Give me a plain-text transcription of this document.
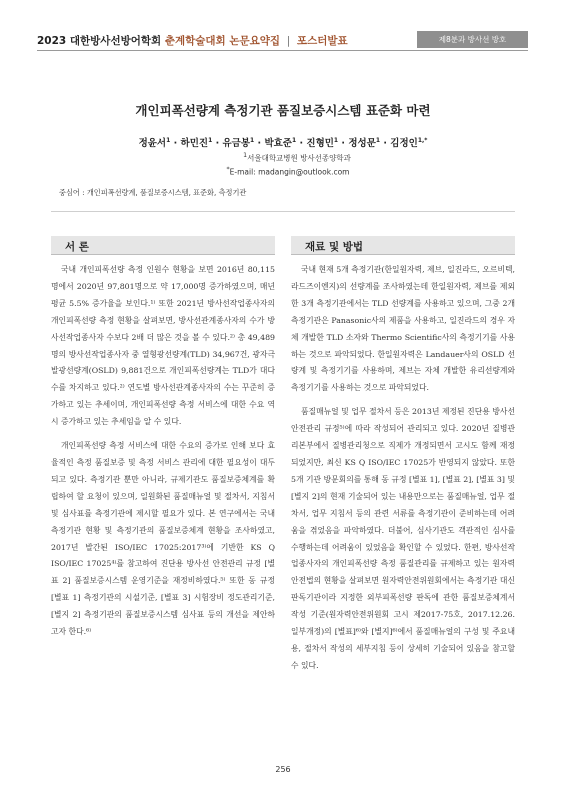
2023 대한방사선방어학회 춘계학술대회 논문요약집 | 포스터발표	제8분과 방사선 방호
개인피폭선량계 측정기관 품질보증시스템 표준화 마련
정윤서$^1$ · 하민진$^1$ · 유금봉$^1$ · 박효준$^1$ · 진형민$^1$ · 정성문$^1$ · 김정인$^{1,*}$
$^1$서울대학교병원 방사선종양학과
*E-mail: madangin@outlook.com
중심어 : 개인피폭선량계, 품질보증시스템, 표준화, 측정기관
서 론	재료 및 방법

국내 개인피폭선량 측정 인원수 현황을 보면 2016년 80,115명에서 2020년 97,801명으로 약 17,000명 증가하였으며, 매년 평균 5.5% 증가율을 보인다.¹⁾ 또한 2021년 방사선작업종사자의 개인피폭선량 측정 현황을 살펴보면, 방사선관계종사자의 수가 방사선작업종사자 수보다 2배 더 많은 것을 볼 수 있다.²⁾ 총 49,489명의 방사선작업종사자 중 열형광선량계(TLD) 34,967건, 광자극발광선량계(OSLD) 9,881건으로 개인피폭선량계는 TLD가 대다수를 차지하고 있다.²⁾ 연도별 방사선관계종사자의 수는 꾸준히 증가하고 있는 추세이며, 개인피폭선량 측정 서비스에 대한 수요 역시 증가하고 있는 추세임을 알 수 있다.

개인피폭선량 측정 서비스에 대한 수요의 증가로 인해 보다 효율적인 측정 품질보증 및 측정 서비스 관리에 대한 필요성이 대두되고 있다. 측정기관 뿐만 아니라, 규제기관도 품질보증체계를 확립하여 할 요청이 있으며, 일원화된 품질매뉴얼 및 절차서, 지침서 및 심사표를 측정기관에 제시할 필요가 있다. 본 연구에서는 국내 측정기관 현황 및 측정기관의 품질보증체계 현황을 조사하였고, 2017년 발간된 ISO/IEC 17025:2017³⁾에 기반한 KS Q ISO/IEC 17025⁴⁾를 참고하여 진단용 방사선 안전관리 규정 [별표 2] 품질보증시스템 운영기준을 재정비하였다.⁵⁾ 또한 동 규정 [별표 1] 측정기관의 시설기준, [별표 3] 시험장비 정도관리기준, [별지 2] 측정기관의 품질보증시스템 심사표 등의 개선을 제안하고자 한다.⁶⁾

국내 현재 5개 측정기관(한일원자력, 제브, 일진라드, 오르비텍, 라드즈이엔지)의 선량계를 조사하였는데 한일원자력, 제브를 제외한 3개 측정기관에서는 TLD 선량계를 사용하고 있으며, 그중 2개 측정기관은 Panasonic사의 제품을 사용하고, 일진라드의 경우 자체 개발한 TLD 소자와 Thermo Scientific사의 측정기기를 사용하는 것으로 파악되었다. 한일원자력은 Landauer사의 OSLD 선량계 및 측정기기를 사용하며, 제브는 자체 개발한 유리선량계와 측정기기를 사용하는 것으로 파악되었다.

품질매뉴얼 및 업무 절차서 등은 2013년 제정된 진단용 방사선 안전관리 규정⁵⁾에 따라 작성되어 관리되고 있다. 2020년 질병관리본부에서 질병관리청으로 직제가 개정되면서 고시도 함께 재정되었지만, 최신 KS Q ISO/IEC 17025가 반영되지 않았다. 또한 5개 기관 방문회의를 통해 동 규정 [별표 1], [별표 2], [별표 3] 및 [별지 2]의 현재 기술되어 있는 내용만으로는 품질매뉴얼, 업무 절차서, 업무 지침서 등의 관련 서류를 측정기관이 준비하는데 어려움을 겪었음을 파악하였다. 더불어, 심사기관도 객관적인 심사를 수행하는데 어려움이 있었음을 확인할 수 있었다. 한편, 방사선작업종사자의 개인피폭선량 측정 품질관리를 규제하고 있는 원자력안전법의 현황을 살펴보면 원자력안전위원회에서는 측정기관 대신 판독기관이라 지정한 외부피폭선량 판독에 관한 품질보증체계서 작성 기준(원자력안전위원회 고시 제2017-75호, 2017.12.26. 일부개정)의 [별표]⁶⁾와 [별지]⁶⁾에서 품질매뉴얼의 구성 및 주요내용, 절차서 작성의 세부지침 등이 상세히 기술되어 있음을 참고할 수 있다.

256
